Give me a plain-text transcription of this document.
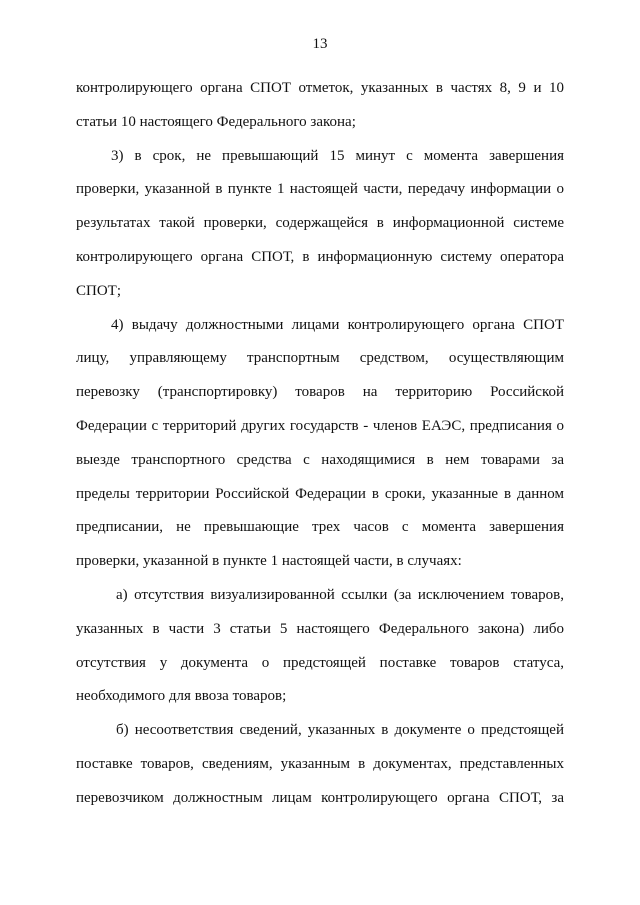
13
контролирующего органа СПОТ отметок, указанных в частях 8, 9 и 10
статьи 10 настоящего Федерального закона;
3) в срок, не превышающий 15 минут с момента завершения
проверки, указанной в пункте 1 настоящей части, передачу информации о
результатах такой проверки, содержащейся в информационной системе
контролирующего органа СПОТ, в информационную систему оператора
СПОТ;
4) выдачу должностными лицами контролирующего органа СПОТ
лицу, управляющему транспортным средством, осуществляющим
перевозку (транспортировку) товаров на территорию Российской
Федерации с территорий других государств - членов ЕАЭС, предписания о
выезде транспортного средства с находящимися в нем товарами за
пределы территории Российской Федерации в сроки, указанные в данном
предписании, не превышающие трех часов с момента завершения
проверки, указанной в пункте 1 настоящей части, в случаях:
а) отсутствия визуализированной ссылки (за исключением товаров,
указанных в части 3 статьи 5 настоящего Федерального закона) либо
отсутствия у документа о предстоящей поставке товаров статуса,
необходимого для ввоза товаров;
б) несоответствия сведений, указанных в документе о предстоящей
поставке товаров, сведениям, указанным в документах, представленных
перевозчиком должностным лицам контролирующего органа СПОТ, за
